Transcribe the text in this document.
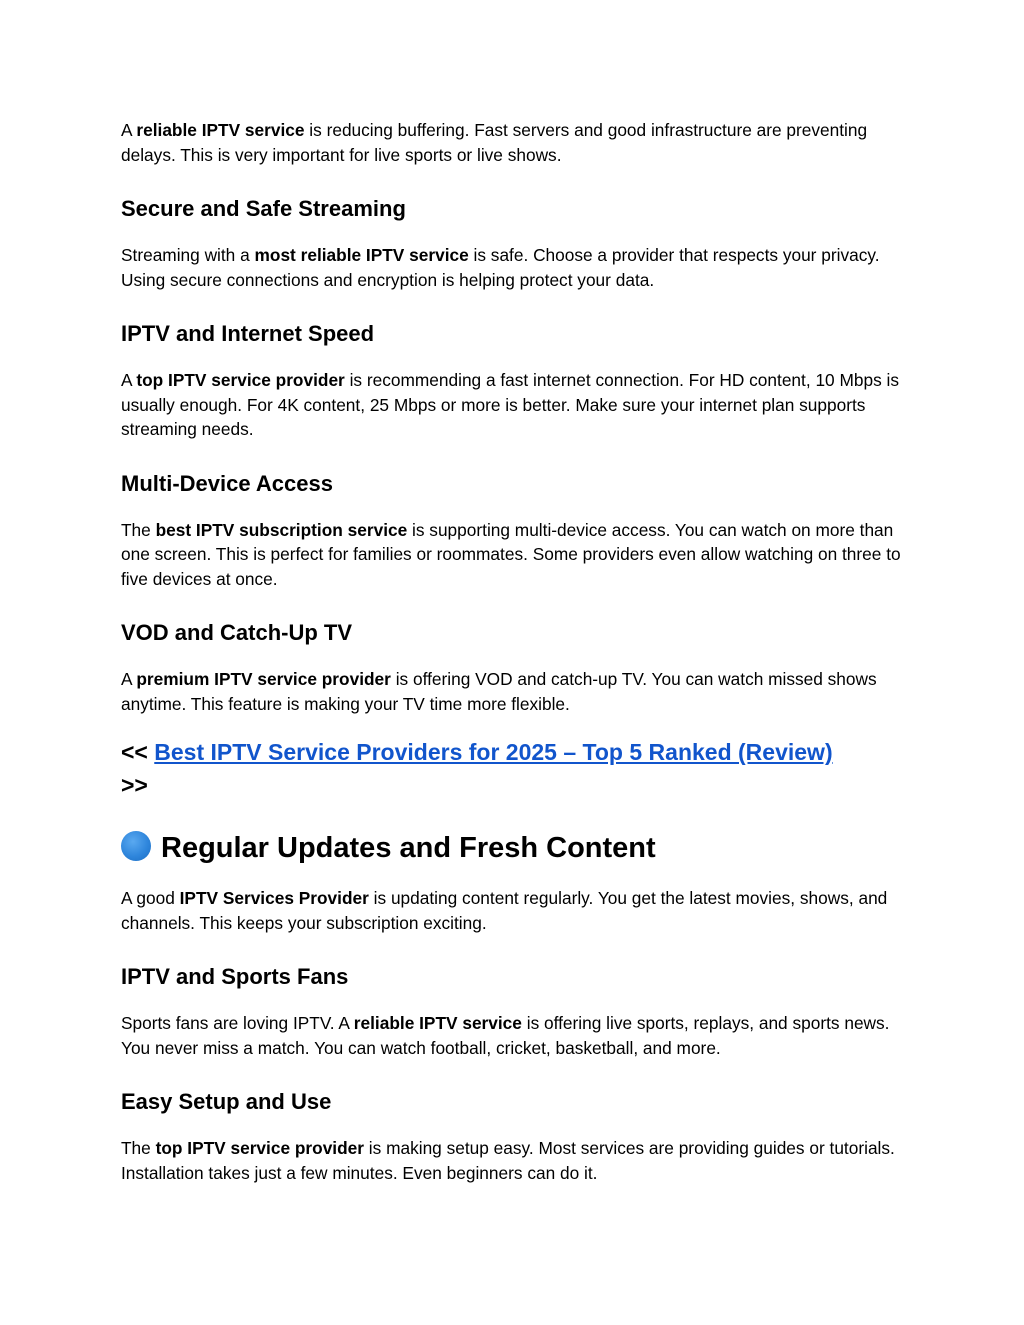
A reliable IPTV service is reducing buffering. Fast servers and good infrastructure are preventing delays. This is very important for live sports or live shows.

Secure and Safe Streaming

Streaming with a most reliable IPTV service is safe. Choose a provider that respects your privacy. Using secure connections and encryption is helping protect your data.

IPTV and Internet Speed

A top IPTV service provider is recommending a fast internet connection. For HD content, 10 Mbps is usually enough. For 4K content, 25 Mbps or more is better. Make sure your internet plan supports streaming needs.

Multi-Device Access

The best IPTV subscription service is supporting multi-device access. You can watch on more than one screen. This is perfect for families or roommates. Some providers even allow watching on three to five devices at once.

VOD and Catch-Up TV

A premium IPTV service provider is offering VOD and catch-up TV. You can watch missed shows anytime. This feature is making your TV time more flexible.

<< Best IPTV Service Providers for 2025 – Top 5 Ranked (Review)
>>
Regular Updates and Fresh Content

A good IPTV Services Provider is updating content regularly. You get the latest movies, shows, and channels. This keeps your subscription exciting.

IPTV and Sports Fans

Sports fans are loving IPTV. A reliable IPTV service is offering live sports, replays, and sports news. You never miss a match. You can watch football, cricket, basketball, and more.

Easy Setup and Use

The top IPTV service provider is making setup easy. Most services are providing guides or tutorials. Installation takes just a few minutes. Even beginners can do it.
